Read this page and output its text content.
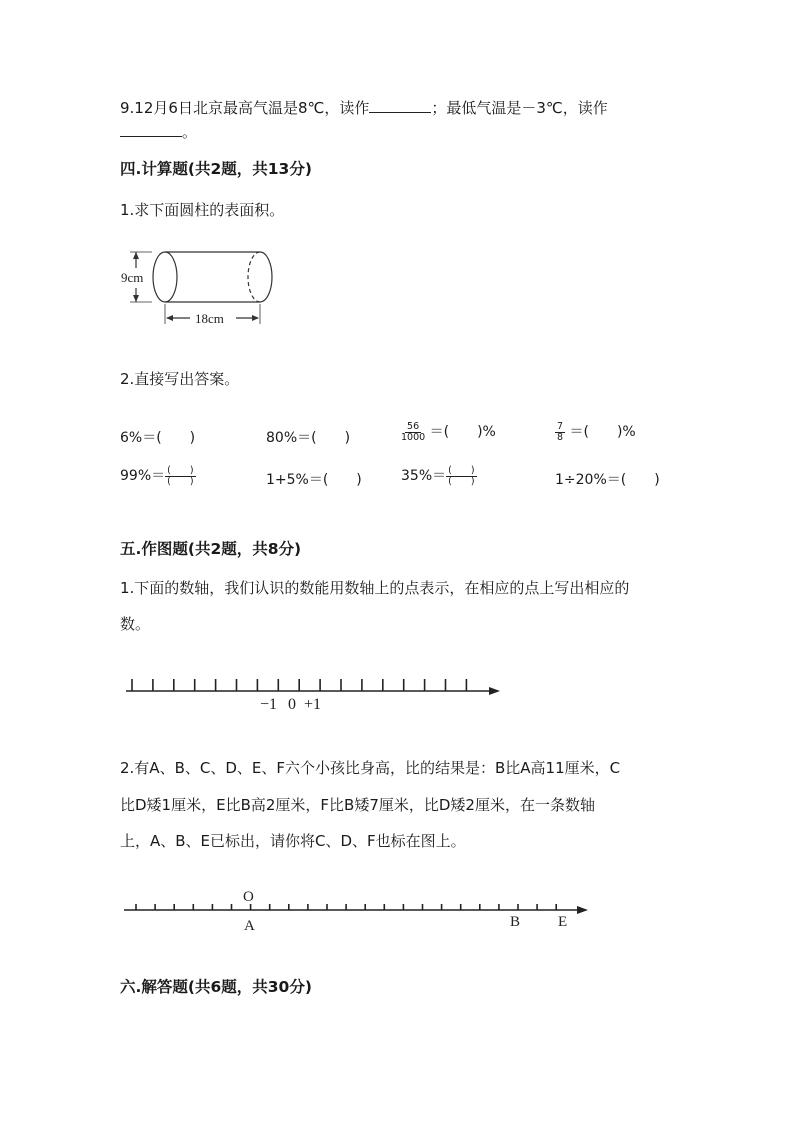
9.12月6日北京最高气温是8℃，读作	；最低气温是－3℃，读作
。
四.计算题(共2题，共13分)
1.求下面圆柱的表面积。
9cm
18cm
2.直接写出答案。
6%＝(　　)	80%＝(　　)	$\frac{56}{1000}$ ＝(　　)%	$\frac{7}{8}$ ＝(　　)%
$99\%= \frac{( )}{( )}$	1+5%＝(　　)	$35\%= \frac{( )}{( )}$	1÷20%＝(　　)
五.作图题(共2题，共8分)
1.下面的数轴，我们认识的数能用数轴上的点表示，在相应的点上写出相应的
数。
−1 0 +1
2.有A、B、C、D、E、F六个小孩比身高，比的结果是：B比A高11厘米，C
比D矮1厘米，E比B高2厘米，F比B矮7厘米，比D矮2厘米，在一条数轴
上，A、B、E已标出，请你将C、D、F也标在图上。
O
A	B	E
六.解答题(共6题，共30分)
